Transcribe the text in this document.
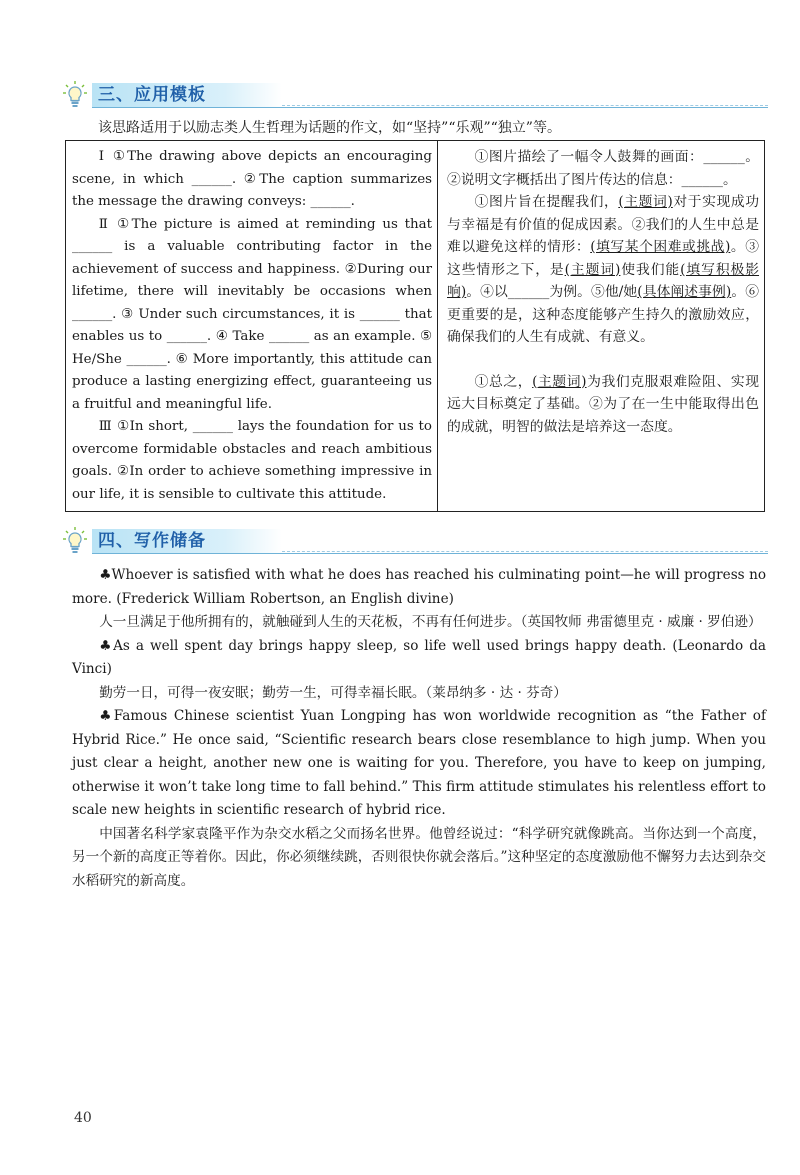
三、应用模板
该思路适用于以励志类人生哲理为话题的作文，如“坚持”“乐观”“独立”等。

Ⅰ ①The drawing above depicts an encouraging scene, in which ______. ②The caption summarizes the message the drawing conveys: ______.

Ⅱ ①The picture is aimed at reminding us that ______ is a valuable contributing factor in the achievement of success and happiness. ②During our lifetime, there will inevitably be occasions when ______. ③ Under such circumstances, it is ______ that enables us to ______. ④ Take ______ as an example. ⑤ He/She ______. ⑥ More importantly, this attitude can produce a lasting energizing effect, guaranteeing us a fruitful and meaningful life.

Ⅲ ①In short, ______ lays the foundation for us to overcome formidable obstacles and reach ambitious goals. ②In order to achieve something impressive in our life, it is sensible to cultivate this attitude.

①图片描绘了一幅令人鼓舞的画面：______。②说明文字概括出了图片传达的信息：______。

①图片旨在提醒我们，(主题词)对于实现成功与幸福是有价值的促成因素。②我们的人生中总是难以避免这样的情形：(填写某个困难或挑战)。③这些情形之下，是(主题词)使我们能(填写积极影响)。④以______为例。⑤他/她(具体阐述事例)。⑥更重要的是，这种态度能够产生持久的激励效应，确保我们的人生有成就、有意义。

①总之，(主题词)为我们克服艰难险阻、实现远大目标奠定了基础。②为了在一生中能取得出色的成就，明智的做法是培养这一态度。

四、写作储备

♣Whoever is satisfied with what he does has reached his culminating point—he will progress no more. (Frederick William Robertson, an English divine)

人一旦满足于他所拥有的，就触碰到人生的天花板，不再有任何进步。（英国牧师 弗雷德里克 · 威廉 · 罗伯逊）

♣As a well spent day brings happy sleep, so life well used brings happy death. (Leonardo da Vinci)

勤劳一日，可得一夜安眠；勤劳一生，可得幸福长眠。（莱昂纳多 · 达 · 芬奇）

♣Famous Chinese scientist Yuan Longping has won worldwide recognition as “the Father of Hybrid Rice.” He once said, “Scientific research bears close resemblance to high jump. When you just clear a height, another new one is waiting for you. Therefore, you have to keep on jumping, otherwise it won’t take long time to fall behind.” This firm attitude stimulates his relentless effort to scale new heights in scientific research of hybrid rice.

中国著名科学家袁隆平作为杂交水稻之父而扬名世界。他曾经说过：“科学研究就像跳高。当你达到一个高度，另一个新的高度正等着你。因此，你必须继续跳，否则很快你就会落后。”这种坚定的态度激励他不懈努力去达到杂交水稻研究的新高度。

40
